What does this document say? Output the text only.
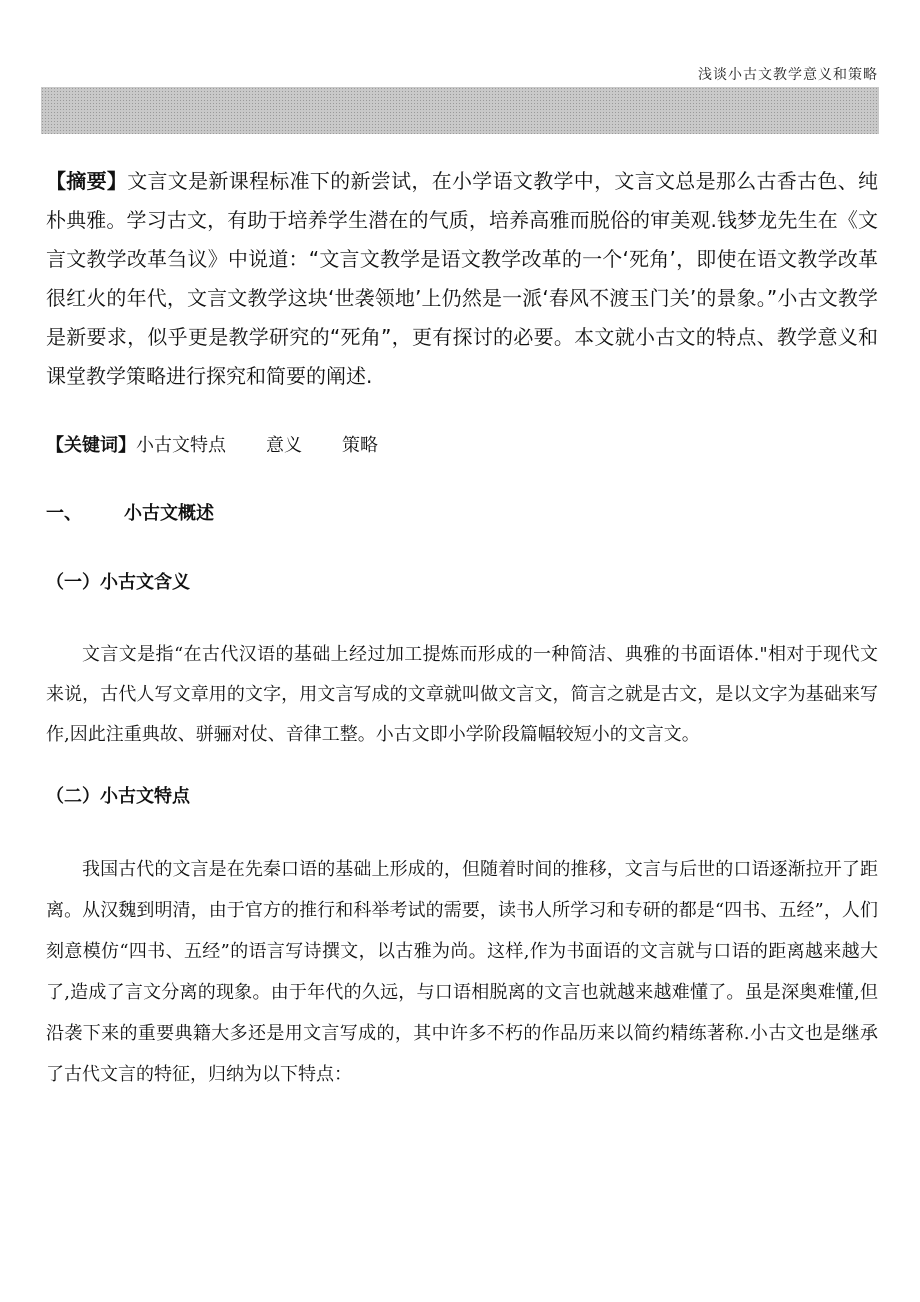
浅谈小古文教学意义和策略

【摘要】文言文是新课程标准下的新尝试，在小学语文教学中，文言文总是那么古香古色、纯朴典雅。学习古文，有助于培养学生潜在的气质，培养高雅而脱俗的审美观.钱梦龙先生在《文言文教学改革刍议》中说道：“文言文教学是语文教学改革的一个‘死角’，即使在语文教学改革很红火的年代，文言文教学这块‘世袭领地’上仍然是一派‘春风不渡玉门关’的景象。”小古文教学是新要求，似乎更是教学研究的“死角”，更有探讨的必要。本文就小古文的特点、教学意义和课堂教学策略进行探究和简要的阐述.

【关键词】小古文特点 意义 策略
一、 小古文概述
（一）小古文含义

文言文是指“在古代汉语的基础上经过加工提炼而形成的一种简洁、典雅的书面语体."相对于现代文来说，古代人写文章用的文字，用文言写成的文章就叫做文言文，简言之就是古文，是以文字为基础来写作,因此注重典故、骈骊对仗、音律工整。小古文即小学阶段篇幅较短小的文言文。

（二）小古文特点

我国古代的文言是在先秦口语的基础上形成的，但随着时间的推移，文言与后世的口语逐渐拉开了距离。从汉魏到明清，由于官方的推行和科举考试的需要，读书人所学习和专研的都是“四书、五经”，人们刻意模仿“四书、五经”的语言写诗撰文，以古雅为尚。这样,作为书面语的文言就与口语的距离越来越大了,造成了言文分离的现象。由于年代的久远，与口语相脱离的文言也就越来越难懂了。虽是深奥难懂,但沿袭下来的重要典籍大多还是用文言写成的，其中许多不朽的作品历来以简约精练著称.小古文也是继承了古代文言的特征，归纳为以下特点：
